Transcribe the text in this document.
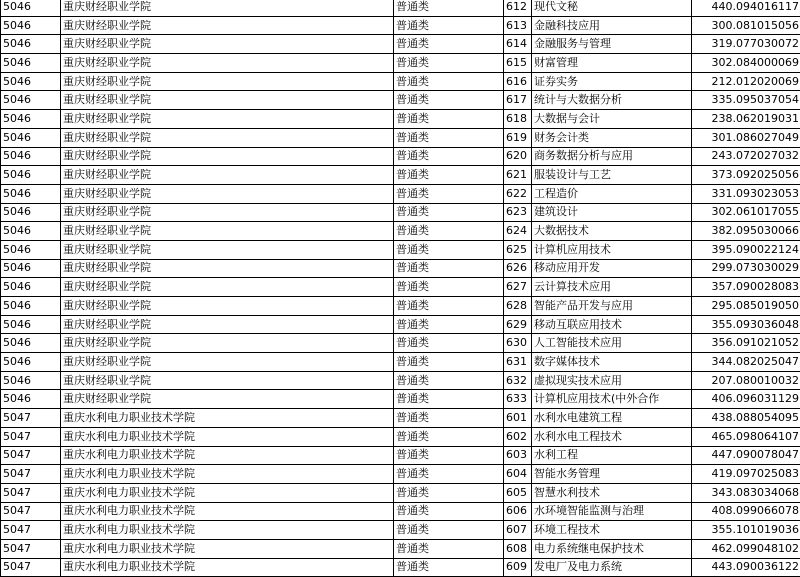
5046	重庆财经职业学院	普通类	612	现代文秘	440.094016117
5046	重庆财经职业学院	普通类	613	金融科技应用	300.081015056
5046	重庆财经职业学院	普通类	614	金融服务与管理	319.077030072
5046	重庆财经职业学院	普通类	615	财富管理	302.084000069
5046	重庆财经职业学院	普通类	616	证券实务	212.012020069
5046	重庆财经职业学院	普通类	617	统计与大数据分析	335.095037054
5046	重庆财经职业学院	普通类	618	大数据与会计	238.062019031
5046	重庆财经职业学院	普通类	619	财务会计类	301.086027049
5046	重庆财经职业学院	普通类	620	商务数据分析与应用	243.072027032
5046	重庆财经职业学院	普通类	621	服装设计与工艺	373.092025056
5046	重庆财经职业学院	普通类	622	工程造价	331.093023053
5046	重庆财经职业学院	普通类	623	建筑设计	302.061017055
5046	重庆财经职业学院	普通类	624	大数据技术	382.095030066
5046	重庆财经职业学院	普通类	625	计算机应用技术	395.090022124
5046	重庆财经职业学院	普通类	626	移动应用开发	299.073030029
5046	重庆财经职业学院	普通类	627	云计算技术应用	357.090028083
5046	重庆财经职业学院	普通类	628	智能产品开发与应用	295.085019050
5046	重庆财经职业学院	普通类	629	移动互联应用技术	355.093036048
5046	重庆财经职业学院	普通类	630	人工智能技术应用	356.091021052
5046	重庆财经职业学院	普通类	631	数字媒体技术	344.082025047
5046	重庆财经职业学院	普通类	632	虚拟现实技术应用	207.080010032
5046	重庆财经职业学院	普通类	633	计算机应用技术(中外合作	406.096031129
5047	重庆水利电力职业技术学院	普通类	601	水利水电建筑工程	438.088054095
5047	重庆水利电力职业技术学院	普通类	602	水利水电工程技术	465.098064107
5047	重庆水利电力职业技术学院	普通类	603	水利工程	447.090078047
5047	重庆水利电力职业技术学院	普通类	604	智能水务管理	419.097025083
5047	重庆水利电力职业技术学院	普通类	605	智慧水利技术	343.083034068
5047	重庆水利电力职业技术学院	普通类	606	水环境智能监测与治理	408.099066078
5047	重庆水利电力职业技术学院	普通类	607	环境工程技术	355.101019036
5047	重庆水利电力职业技术学院	普通类	608	电力系统继电保护技术	462.099048102
5047	重庆水利电力职业技术学院	普通类	609	发电厂及电力系统	443.090036122
